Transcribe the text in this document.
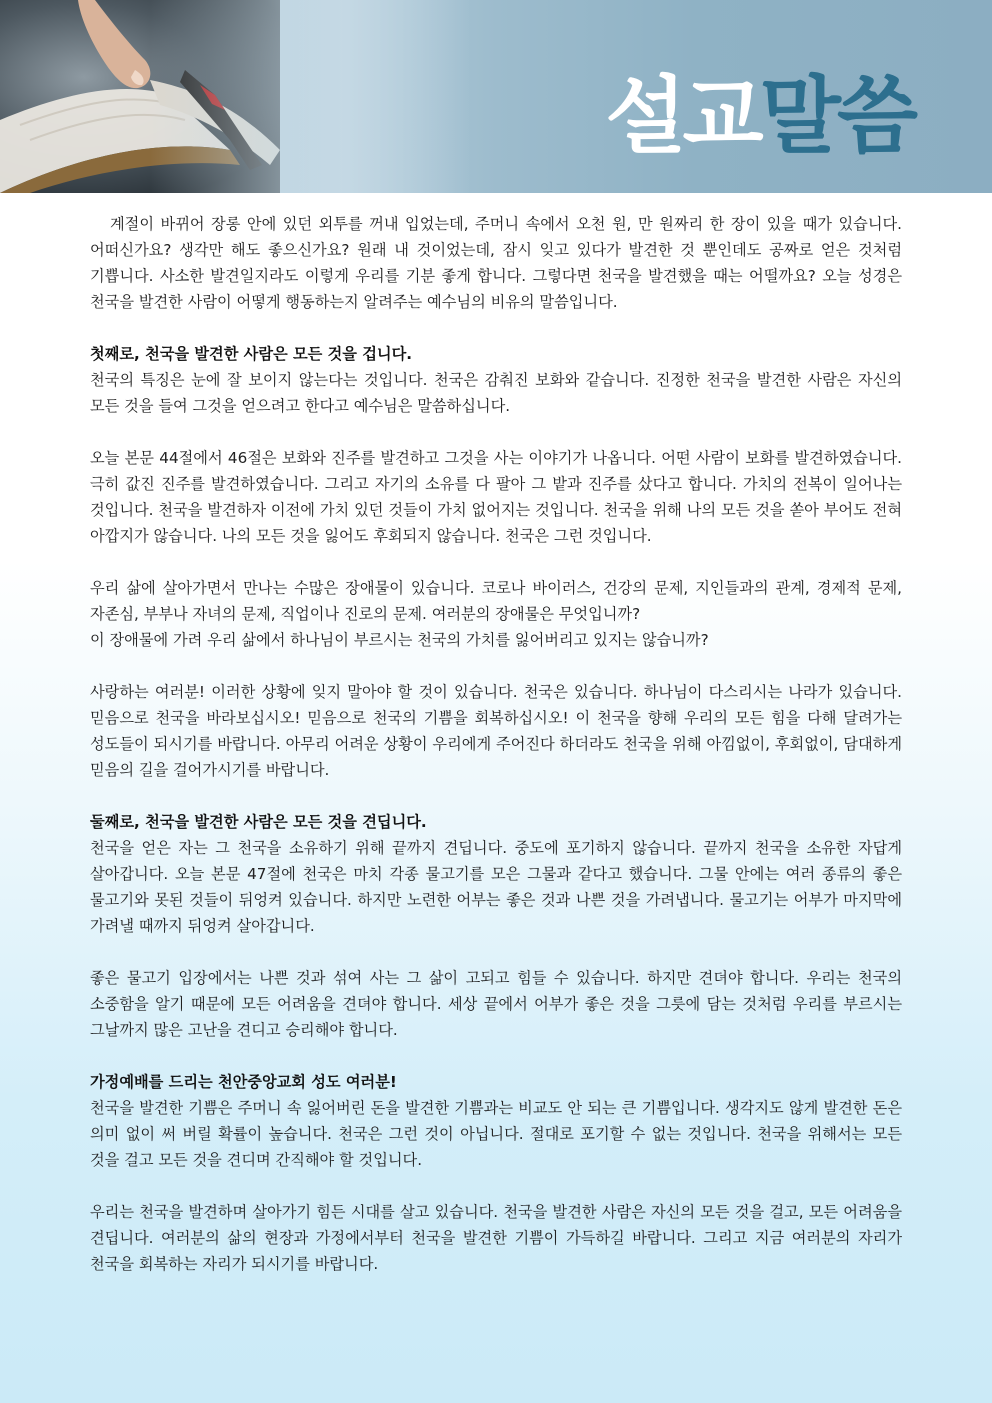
설교말씀

계절이 바뀌어 장롱 안에 있던 외투를 꺼내 입었는데, 주머니 속에서 오천 원, 만 원짜리 한 장이 있을 때가 있습니다. 어떠신가요? 생각만 해도 좋으신가요? 원래 내 것이었는데, 잠시 잊고 있다가 발견한 것 뿐인데도 공짜로 얻은 것처럼 기쁩니다. 사소한 발견일지라도 이렇게 우리를 기분 좋게 합니다. 그렇다면 천국을 발견했을 때는 어떨까요? 오늘 성경은 천국을 발견한 사람이 어떻게 행동하는지 알려주는 예수님의 비유의 말씀입니다.

첫째로, 천국을 발견한 사람은 모든 것을 겁니다.

천국의 특징은 눈에 잘 보이지 않는다는 것입니다. 천국은 감춰진 보화와 같습니다. 진정한 천국을 발견한 사람은 자신의 모든 것을 들여 그것을 얻으려고 한다고 예수님은 말씀하십니다.

오늘 본문 44절에서 46절은 보화와 진주를 발견하고 그것을 사는 이야기가 나옵니다. 어떤 사람이 보화를 발견하였습니다. 극히 값진 진주를 발견하였습니다. 그리고 자기의 소유를 다 팔아 그 밭과 진주를 샀다고 합니다. 가치의 전복이 일어나는 것입니다. 천국을 발견하자 이전에 가치 있던 것들이 가치 없어지는 것입니다. 천국을 위해 나의 모든 것을 쏟아 부어도 전혀 아깝지가 않습니다. 나의 모든 것을 잃어도 후회되지 않습니다. 천국은 그런 것입니다.

우리 삶에 살아가면서 만나는 수많은 장애물이 있습니다. 코로나 바이러스, 건강의 문제, 지인들과의 관계, 경제적 문제, 자존심, 부부나 자녀의 문제, 직업이나 진로의 문제. 여러분의 장애물은 무엇입니까?

이 장애물에 가려 우리 삶에서 하나님이 부르시는 천국의 가치를 잃어버리고 있지는 않습니까?

사랑하는 여러분! 이러한 상황에 잊지 말아야 할 것이 있습니다. 천국은 있습니다. 하나님이 다스리시는 나라가 있습니다. 믿음으로 천국을 바라보십시오! 믿음으로 천국의 기쁨을 회복하십시오! 이 천국을 향해 우리의 모든 힘을 다해 달려가는 성도들이 되시기를 바랍니다. 아무리 어려운 상황이 우리에게 주어진다 하더라도 천국을 위해 아낌없이, 후회없이, 담대하게 믿음의 길을 걸어가시기를 바랍니다.

둘째로, 천국을 발견한 사람은 모든 것을 견딥니다.

천국을 얻은 자는 그 천국을 소유하기 위해 끝까지 견딥니다. 중도에 포기하지 않습니다. 끝까지 천국을 소유한 자답게 살아갑니다. 오늘 본문 47절에 천국은 마치 각종 물고기를 모은 그물과 같다고 했습니다. 그물 안에는 여러 종류의 좋은 물고기와 못된 것들이 뒤엉켜 있습니다. 하지만 노련한 어부는 좋은 것과 나쁜 것을 가려냅니다. 물고기는 어부가 마지막에 가려낼 때까지 뒤엉켜 살아갑니다.

좋은 물고기 입장에서는 나쁜 것과 섞여 사는 그 삶이 고되고 힘들 수 있습니다. 하지만 견뎌야 합니다. 우리는 천국의 소중함을 알기 때문에 모든 어려움을 견뎌야 합니다. 세상 끝에서 어부가 좋은 것을 그릇에 담는 것처럼 우리를 부르시는 그날까지 많은 고난을 견디고 승리해야 합니다.

가정예배를 드리는 천안중앙교회 성도 여러분!

천국을 발견한 기쁨은 주머니 속 잃어버린 돈을 발견한 기쁨과는 비교도 안 되는 큰 기쁨입니다. 생각지도 않게 발견한 돈은 의미 없이 써 버릴 확률이 높습니다. 천국은 그런 것이 아닙니다. 절대로 포기할 수 없는 것입니다. 천국을 위해서는 모든 것을 걸고 모든 것을 견디며 간직해야 할 것입니다.

우리는 천국을 발견하며 살아가기 힘든 시대를 살고 있습니다. 천국을 발견한 사람은 자신의 모든 것을 걸고, 모든 어려움을 견딥니다. 여러분의 삶의 현장과 가정에서부터 천국을 발견한 기쁨이 가득하길 바랍니다. 그리고 지금 여러분의 자리가 천국을 회복하는 자리가 되시기를 바랍니다.
